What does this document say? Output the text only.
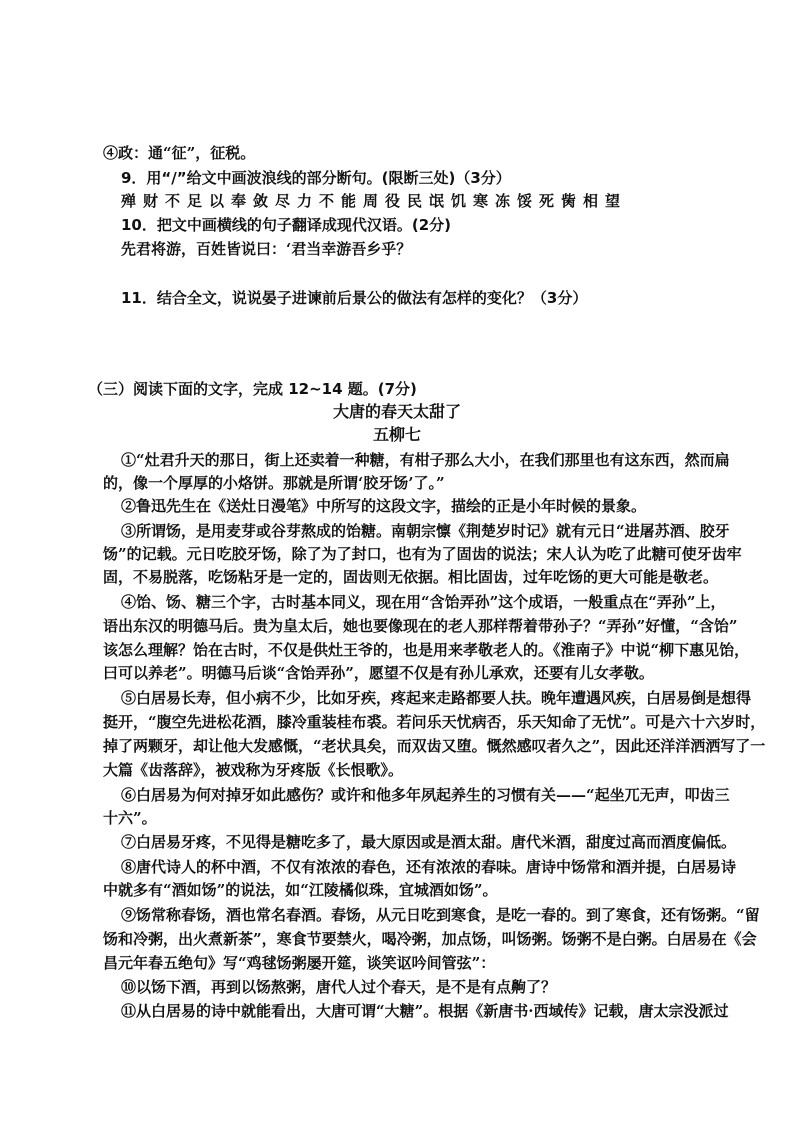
④政：通“征”，征税。
9．用“/”给文中画波浪线的部分断句。(限断三处)（3分）
殚财不足以奉敛尽力不能周役民氓饥寒冻馁死胔相望
10．把文中画横线的句子翻译成现代汉语。(2分)
先君将游，百姓皆说曰：‘君当幸游吾乡乎？
11．结合全文，说说晏子进谏前后景公的做法有怎样的变化？（3分）
（三）阅读下面的文字，完成 12~14 题。(7分)
大唐的春天太甜了
五柳七
①“灶君升天的那日，街上还卖着一种糖，有柑子那么大小，在我们那里也有这东西，然而扁
的，像一个厚厚的小烙饼。那就是所谓‘胶牙饧’了。”
②鲁迅先生在《送灶日漫笔》中所写的这段文字，描绘的正是小年时候的景象。
③所谓饧，是用麦芽或谷芽熬成的饴糖。南朝宗懔《荆楚岁时记》就有元日“进屠苏酒、胶牙
饧”的记载。元日吃胶牙饧，除了为了封口，也有为了固齿的说法；宋人认为吃了此糖可使牙齿牢
固，不易脱落，吃饧粘牙是一定的，固齿则无依据。相比固齿，过年吃饧的更大可能是敬老。
④饴、饧、糖三个字，古时基本同义，现在用“含饴弄孙”这个成语，一般重点在“弄孙”上，
语出东汉的明德马后。贵为皇太后，她也要像现在的老人那样帮着带孙子？“弄孙”好懂，“含饴”
该怎么理解？饴在古时，不仅是供灶王爷的，也是用来孝敬老人的。《淮南子》中说“柳下惠见饴，
曰可以养老”。明德马后谈“含饴弄孙”，愿望不仅是有孙儿承欢，还要有儿女孝敬。
⑤白居易长寿，但小病不少，比如牙疾，疼起来走路都要人扶。晚年遭遇风疾，白居易倒是想得
挺开，“腹空先进松花酒，膝冷重装桂布裘。若问乐天忧病否，乐天知命了无忧”。可是六十六岁时，
掉了两颗牙，却让他大发感慨，“老状具矣，而双齿又堕。慨然感叹者久之”，因此还洋洋洒洒写了一
大篇《齿落辞》，被戏称为牙疼版《长恨歌》。
⑥白居易为何对掉牙如此感伤？或许和他多年夙起养生的习惯有关——“起坐兀无声，叩齿三
十六”。
⑦白居易牙疼，不见得是糖吃多了，最大原因或是酒太甜。唐代米酒，甜度过高而酒度偏低。
⑧唐代诗人的杯中酒，不仅有浓浓的春色，还有浓浓的春味。唐诗中饧常和酒并提，白居易诗
中就多有“酒如饧”的说法，如“江陵橘似珠，宜城酒如饧”。
⑨饧常称春饧，酒也常名春酒。春饧，从元日吃到寒食，是吃一春的。到了寒食，还有饧粥。“留
饧和冷粥，出火煮新茶”，寒食节要禁火，喝冷粥，加点饧，叫饧粥。饧粥不是白粥。白居易在《会
昌元年春五绝句》写“鸡毬饧粥屡开筵，谈笑讴吟间管弦”：
⑩以饧下酒，再到以饧熬粥，唐代人过个春天，是不是有点齁了？
⑪从白居易的诗中就能看出，大唐可谓“大糖”。根据《新唐书·西域传》记载，唐太宗没派过
